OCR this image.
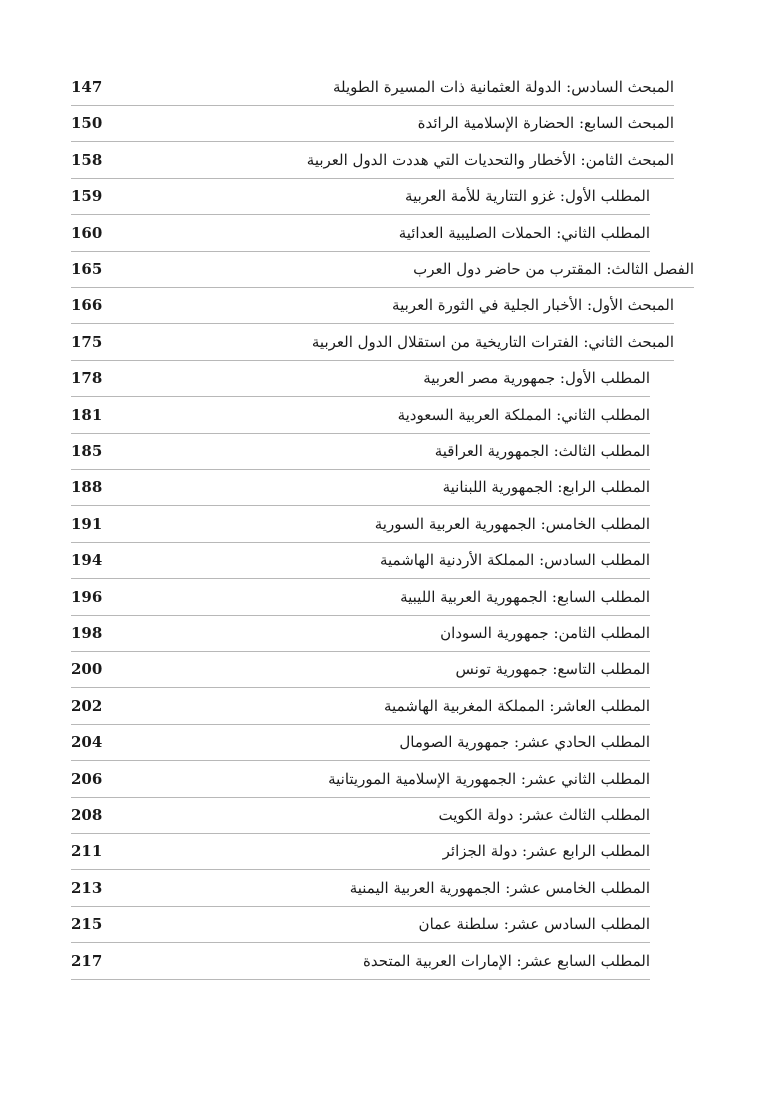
المبحث السادس: الدولة العثمانية ذات المسيرة الطويلة
147
المبحث السابع: الحضارة الإسلامية الرائدة
150
المبحث الثامن: الأخطار والتحديات التي هددت الدول العربية
158
المطلب الأول: غزو التتارية للأمة العربية
159
المطلب الثاني: الحملات الصليبية العدائية
160
الفصل الثالث: المقترب من حاضر دول العرب
165
المبحث الأول: الأخبار الجلية في الثورة العربية
166
المبحث الثاني: الفترات التاريخية من استقلال الدول العربية
175
المطلب الأول: جمهورية مصر العربية
178
المطلب الثاني: المملكة العربية السعودية
181
المطلب الثالث: الجمهورية العراقية
185
المطلب الرابع: الجمهورية اللبنانية
188
المطلب الخامس: الجمهورية العربية السورية
191
المطلب السادس: المملكة الأردنية الهاشمية
194
المطلب السابع: الجمهورية العربية الليبية
196
المطلب الثامن: جمهورية السودان
198
المطلب التاسع: جمهورية تونس
200
المطلب العاشر: المملكة المغربية الهاشمية
202
المطلب الحادي عشر: جمهورية الصومال
204
المطلب الثاني عشر: الجمهورية الإسلامية الموريتانية
206
المطلب الثالث عشر: دولة الكويت
208
المطلب الرابع عشر: دولة الجزائر
211
المطلب الخامس عشر: الجمهورية العربية اليمنية
213
المطلب السادس عشر: سلطنة عمان
215
المطلب السابع عشر: الإمارات العربية المتحدة
217
